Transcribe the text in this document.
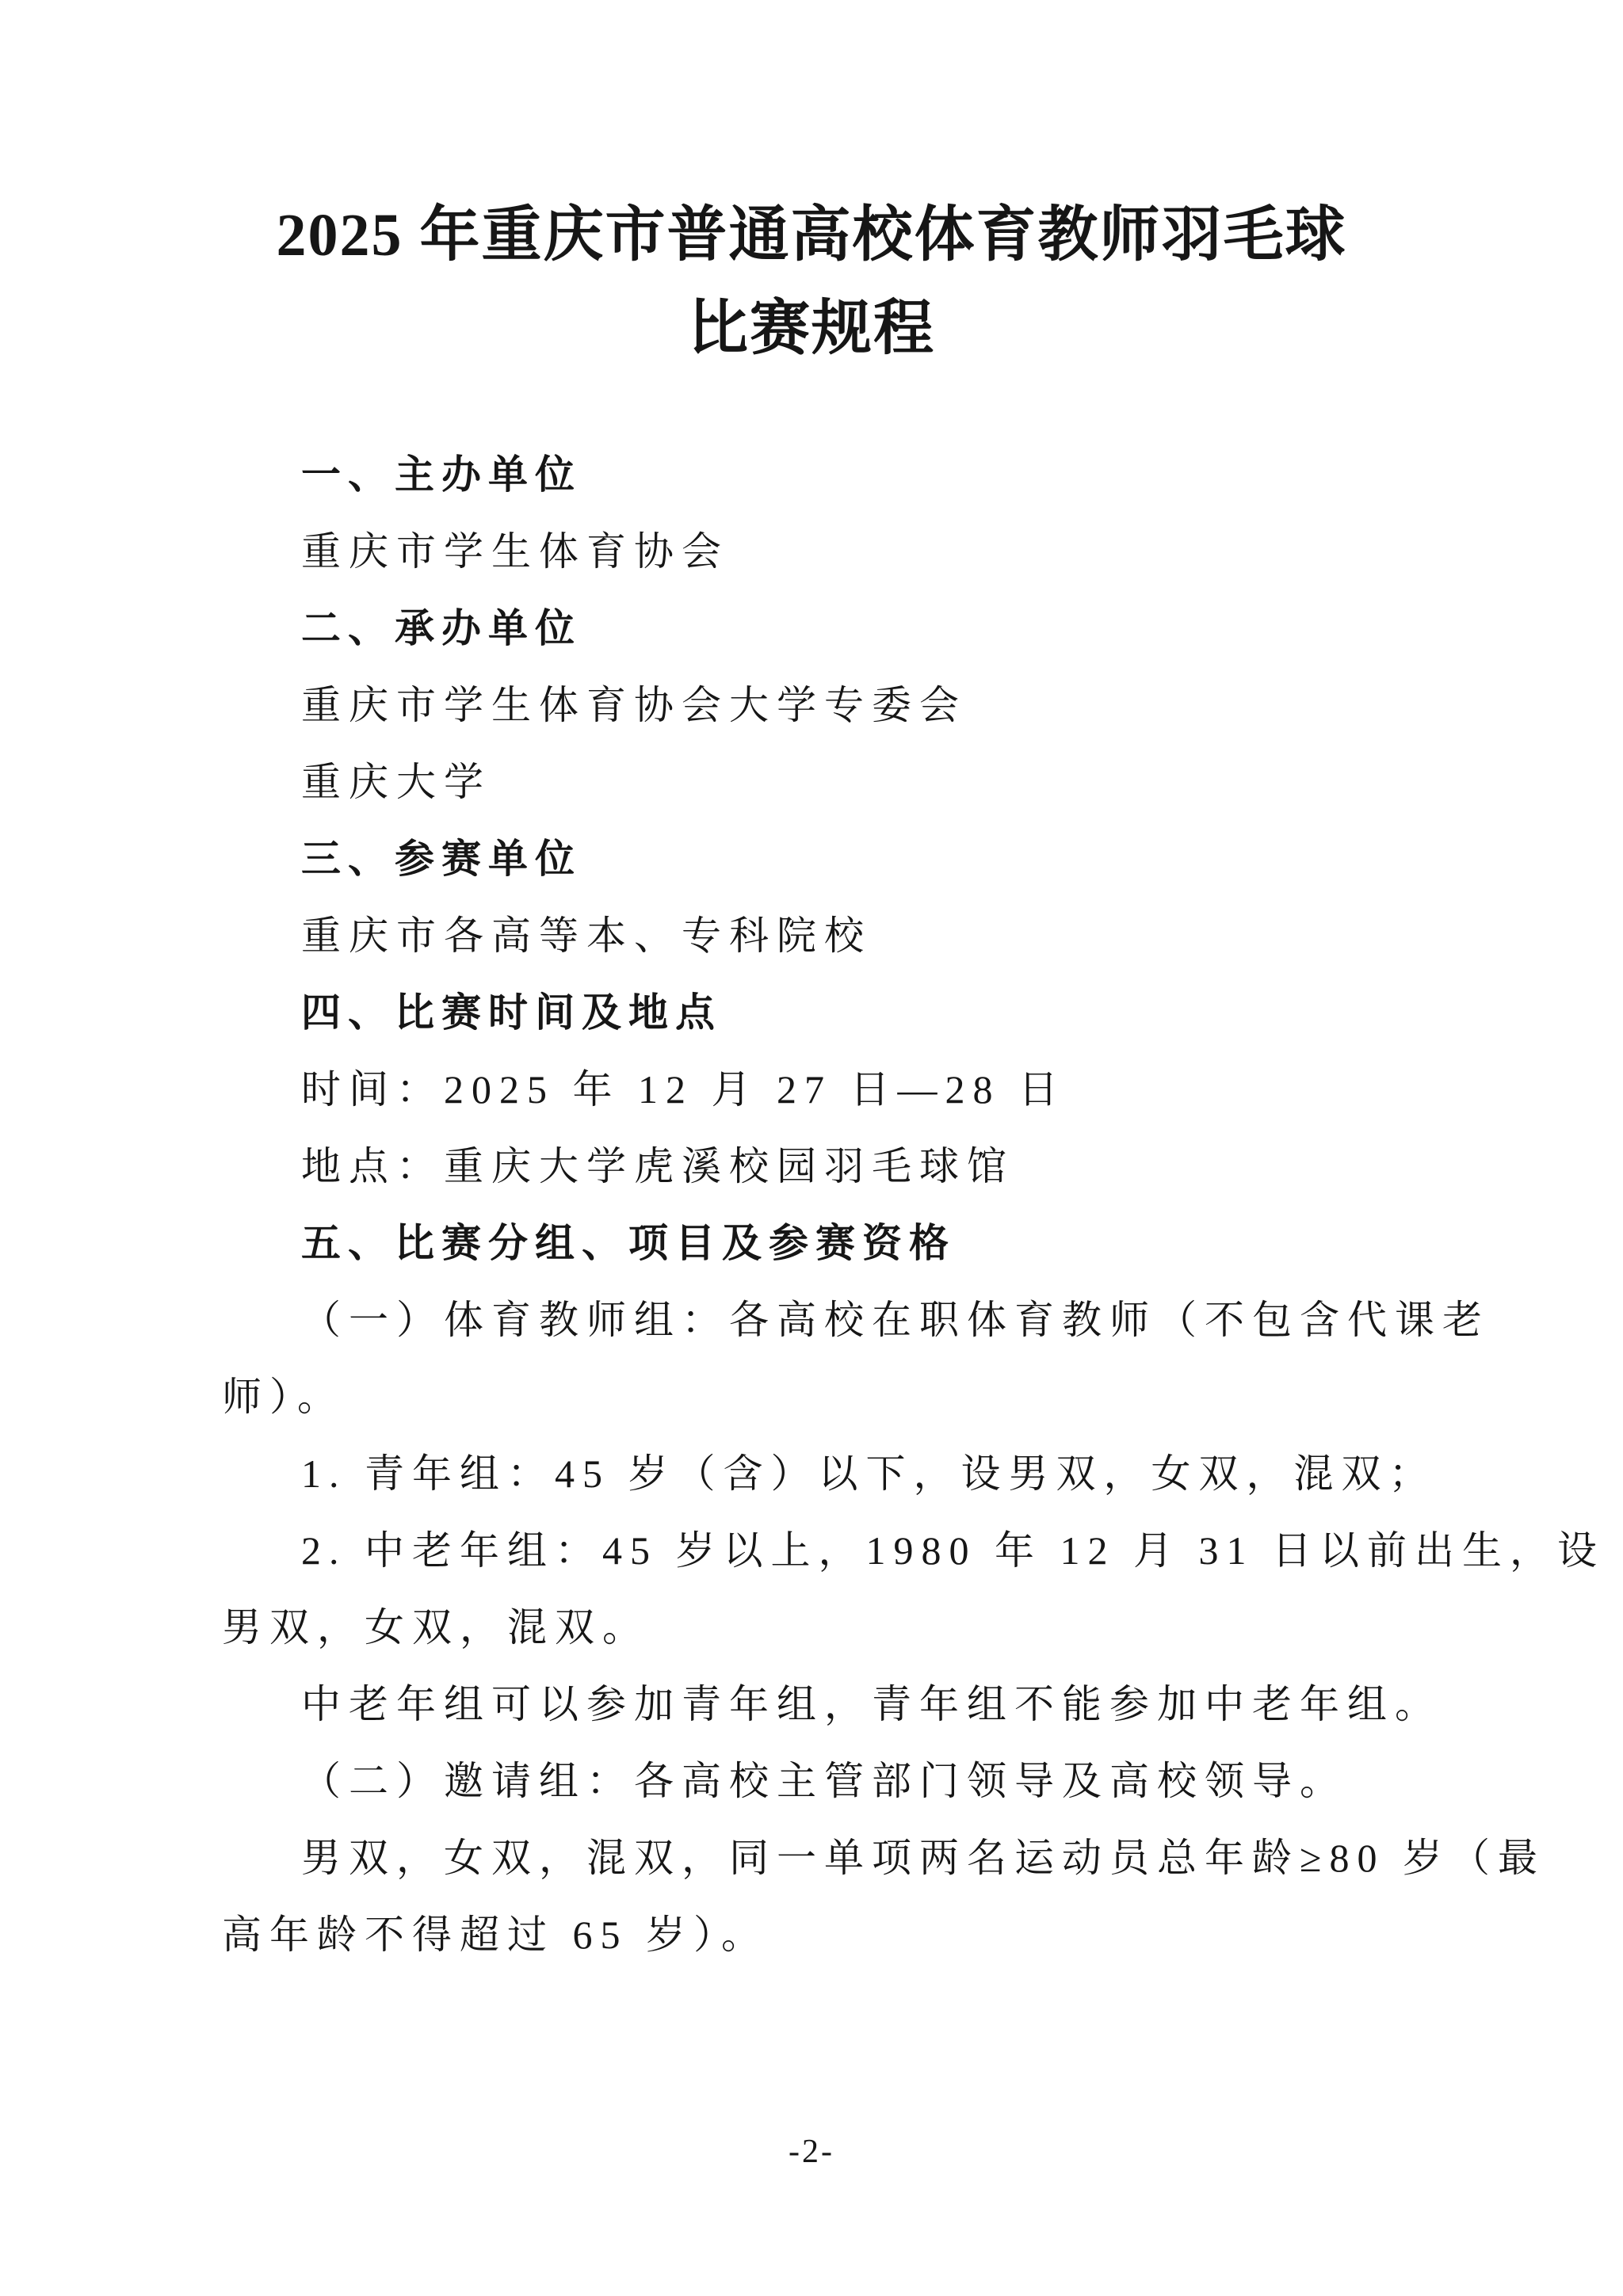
2025 年重庆市普通高校体育教师羽毛球
比赛规程
一、主办单位
重庆市学生体育协会
二、承办单位
重庆市学生体育协会大学专委会
重庆大学
三、参赛单位
重庆市各高等本、专科院校
四、比赛时间及地点
时间：2025 年 12 月 27 日—28 日
地点：重庆大学虎溪校园羽毛球馆
五、比赛分组、项目及参赛资格
（一）体育教师组：各高校在职体育教师（不包含代课老
师）。
1. 青年组：45 岁（含）以下，设男双，女双，混双；
2. 中老年组：45 岁以上，1980 年 12 月 31 日以前出生，设
男双，女双，混双。
中老年组可以参加青年组，青年组不能参加中老年组。
（二）邀请组：各高校主管部门领导及高校领导。
男双，女双，混双，同一单项两名运动员总年龄≥80 岁（最
高年龄不得超过 65 岁）。
-2-
